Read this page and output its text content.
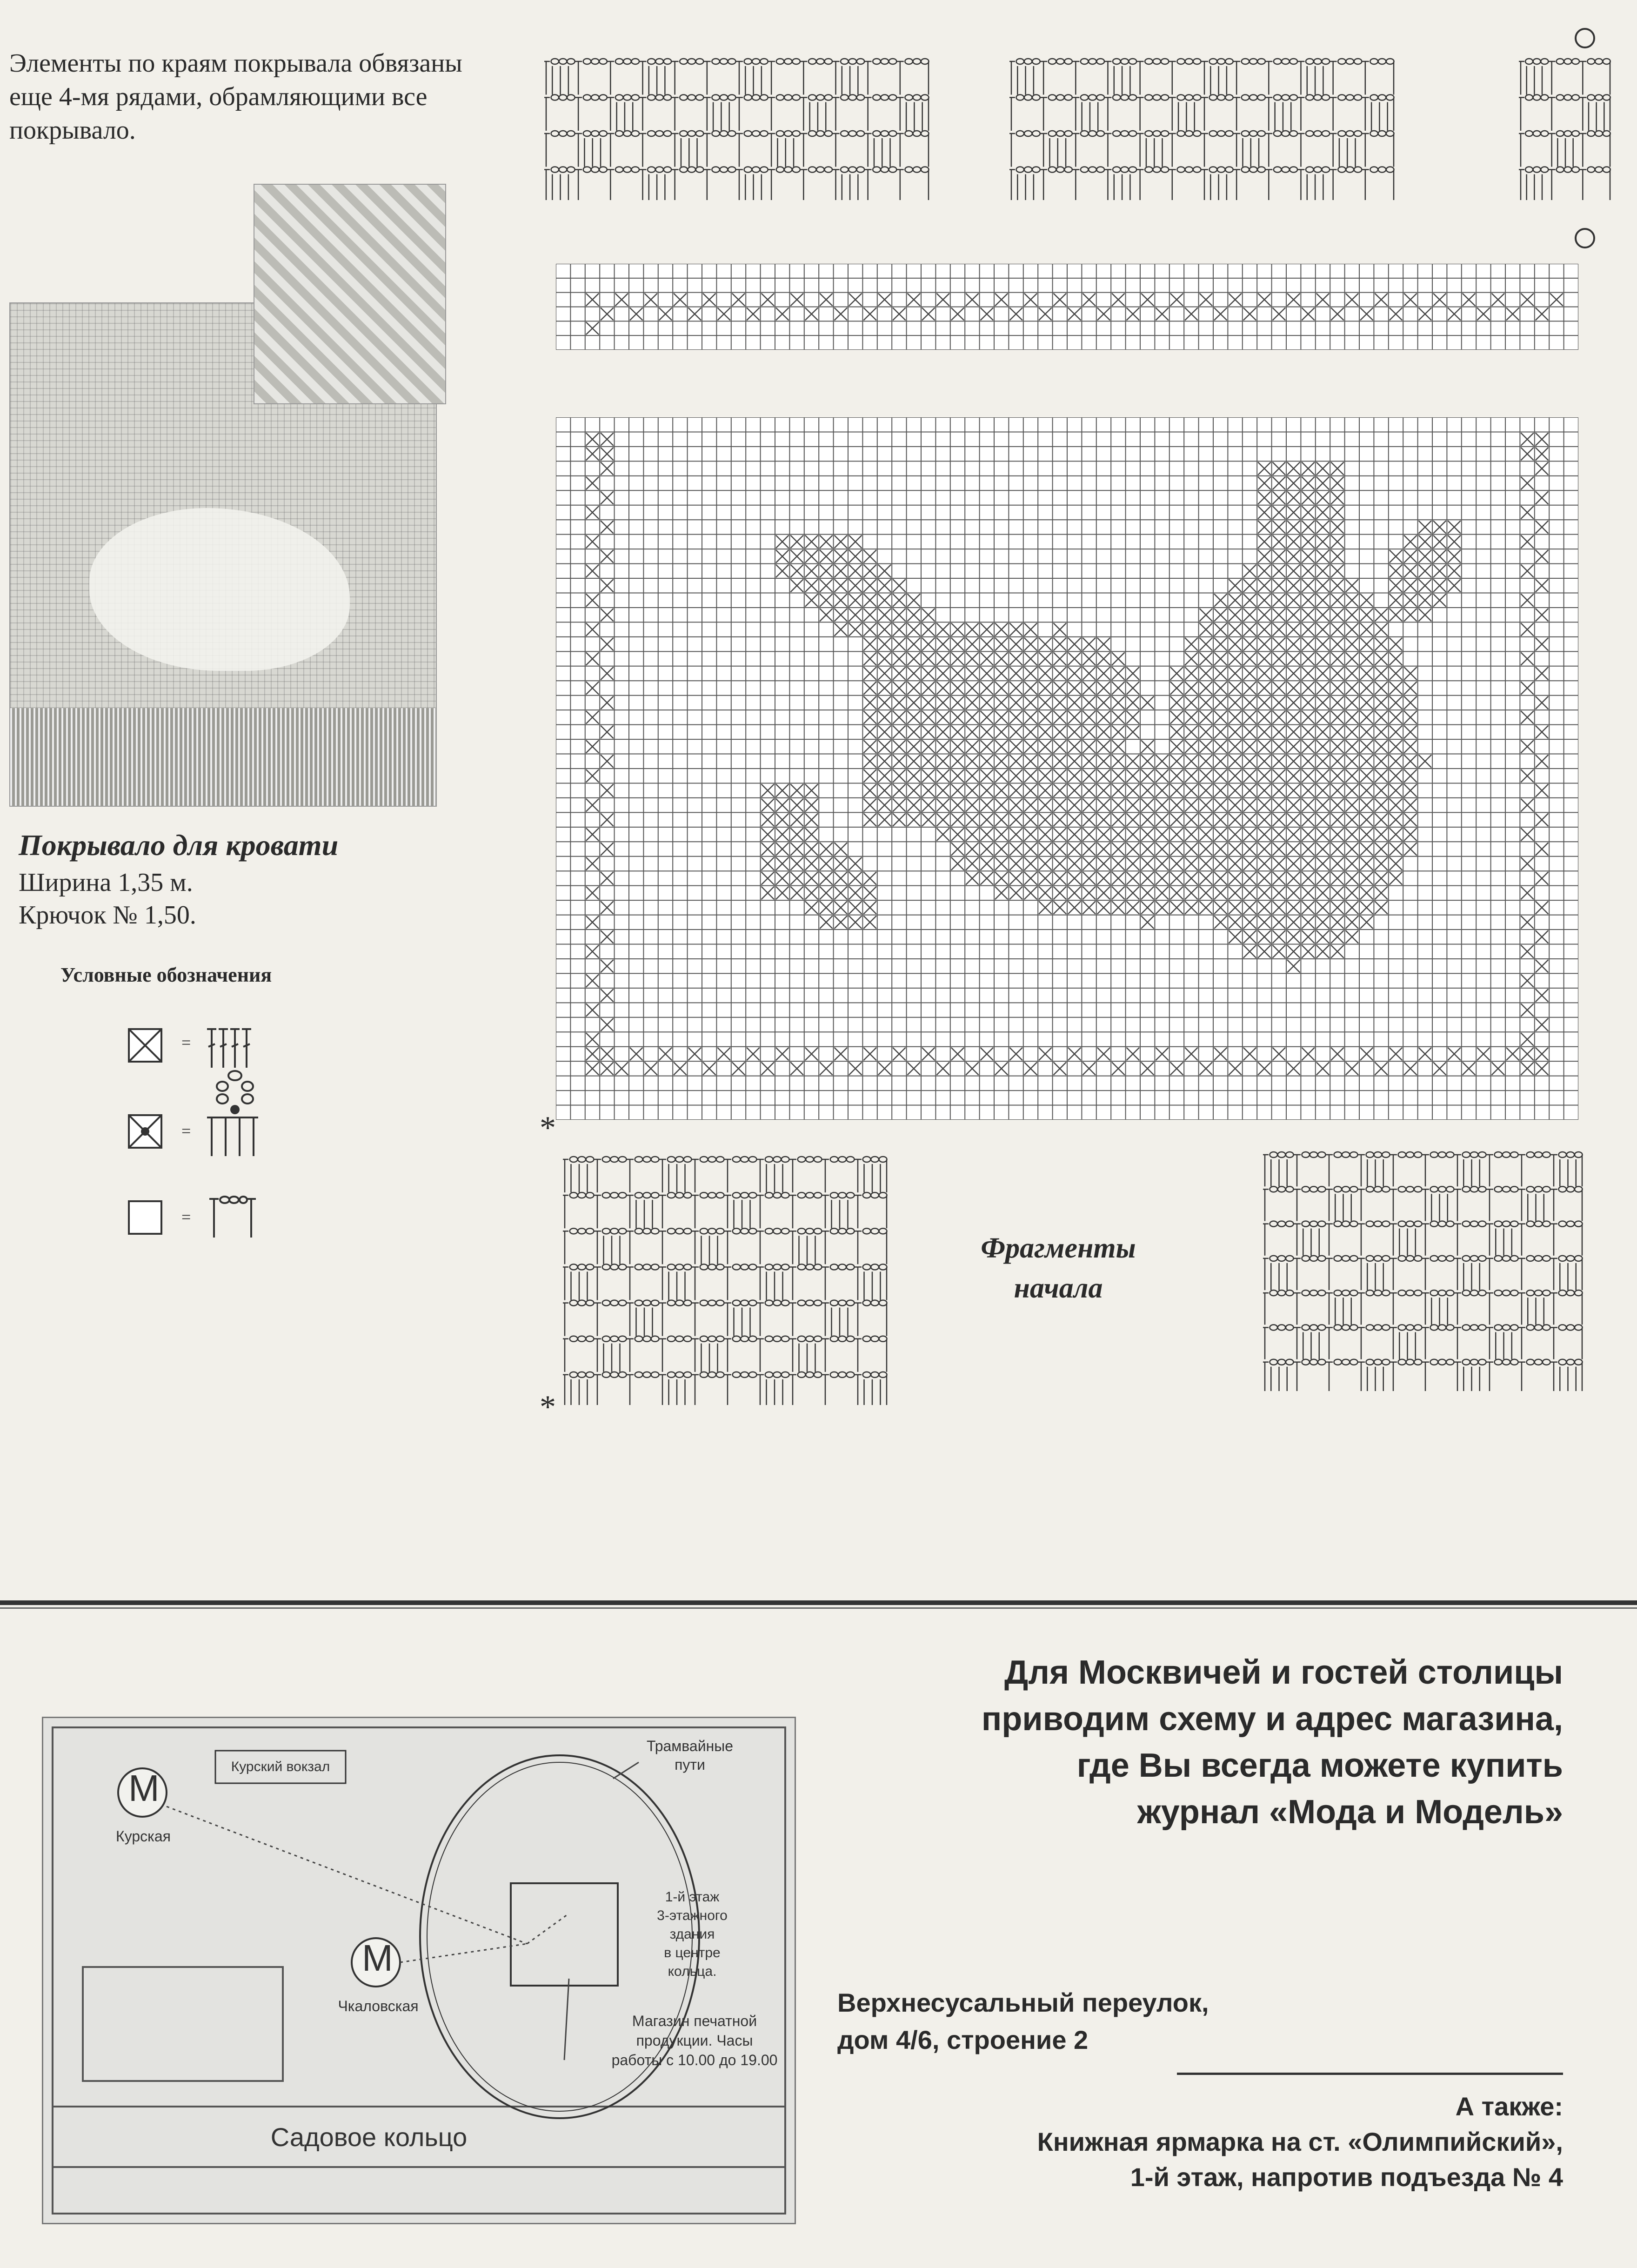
Элементы по краям покрывала обвязаны еще 4-мя рядами, обрамляющими все покрывало.
Покрывало для кровати
Ширина 1,35 м.
Крючок № 1,50.
Условные обозначения
=
=
=
*
*
Фрагменты
начала
M
M
Курская
Чкаловская
Курский вокзал
Трамвайные
пути
1-й этаж
3-этажного
здания
в центре
кольца.
Магазин печатной
продукции. Часы
работы с 10.00 до 19.00
Садовое кольцо
Для Москвичей и гостей столицы
приводим схему и адрес магазина,
где Вы всегда можете купить
журнал «Мода и Модель»
Верхнесусальный переулок,
дом 4/6, строение 2
А также:
Книжная ярмарка на ст. «Олимпийский»,
1-й этаж, напротив подъезда № 4
